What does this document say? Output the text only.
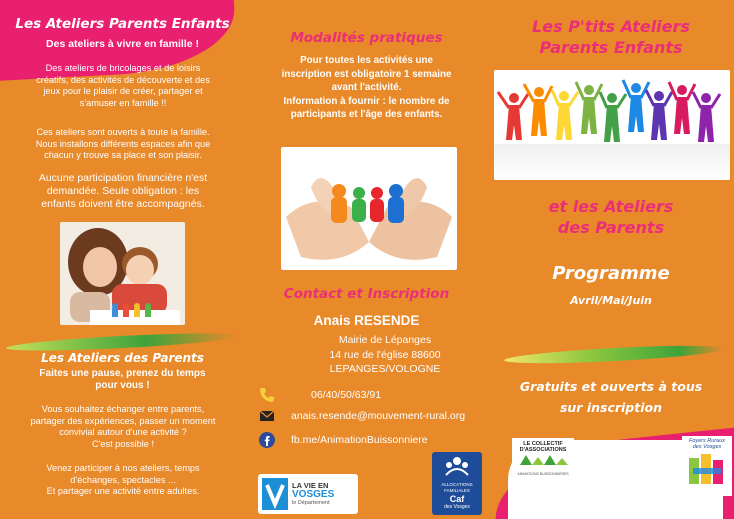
Les Ateliers Parents Enfants
Des ateliers à vivre en famille !
Des ateliers de bricolages et de loisirs
créatifs, des activités de découverte et des
jeux pour le plaisir de créer, partager et
s'amuser en famille !!
Ces ateliers sont ouverts à toute la famille.
Nous installons différents espaces afin que
chacun y trouve sa place et son plaisir.
Aucune participation financière n'est
demandée. Seule obligation : les
enfants doivent être accompagnés.
Les Ateliers des Parents
Faites une pause, prenez du temps
pour vous !
Vous souhaitez échanger entre parents,
partager des expériences, passer un moment
convivial autour d'une activité ?
C'est possible !
Venez participer à nos ateliers, temps
d'échanges, spectacles ...
Et partager une activité entre adultes.
Modalités pratiques
Pour toutes les activités une
inscription est obligatoire 1 semaine
avant l'activité.
Information à fournir : le nombre de
participants et l'âge des enfants.
Contact et Inscription
Anais RESENDE
Mairie de Lépanges
14 rue de l'église 88600
LEPANGES/VOLOGNE
06/40/50/63/91
anais.resende@mouvement-rural.org
fb.me/AnimationBuissonniere
LA VIE EN
VOSGES
le Département
ALLOCATIONS
FAMILIALES
Caf
des Vosges
Les P'tits Ateliers
Parents Enfants
et les Ateliers
des Parents
Programme
Avril/Mai/Juin
Gratuits et ouverts à tous
sur inscription
LE COLLECTIF
D'ASSOCIATIONS
ANIMATIONS BUISSONNIÈRES
LE COLLECTIF D'ASSOCIATIONS
ANIMATIONS BUISSONNIERES
LA FÉDÉRATION DÉPARTEMENTALE
DES FOYERS RURAUX DES VOSGES
Foyers Ruraux
des Vosges
